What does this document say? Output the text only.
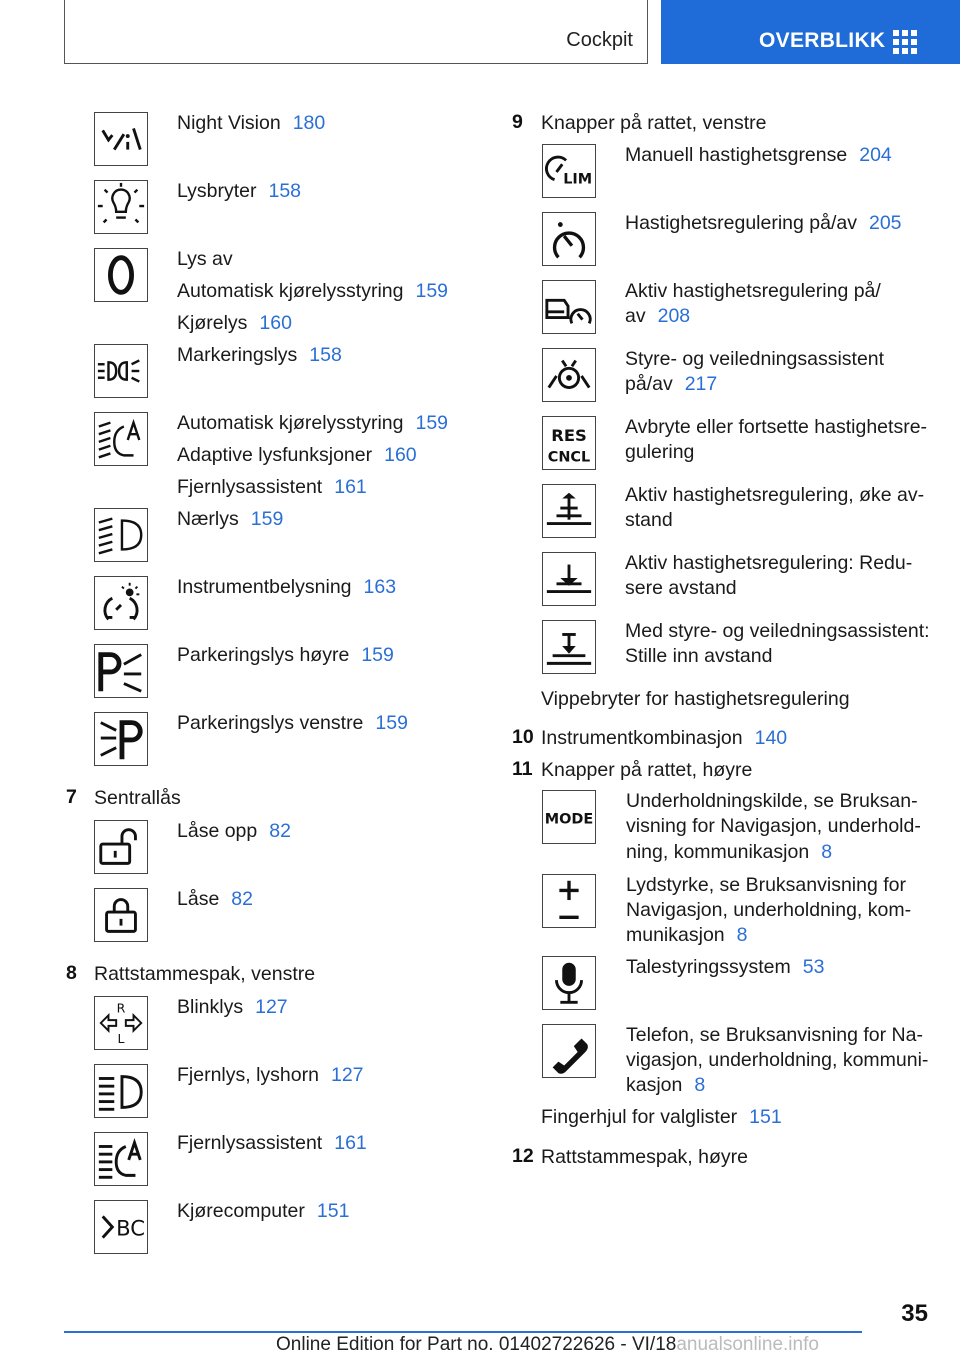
Cockpit	OVERBLIKK
Night Vision 180
Lysbryter 158
Lys av
Automatisk kjørelysstyring 159
Kjørelys 160
Markeringslys 158
Automatisk kjørelysstyring 159
Adaptive lysfunksjoner 160
Fjernlysassistent 161
Nærlys 159
Instrumentbelysning 163
Parkeringslys høyre 159
Parkeringslys venstre 159
7 Sentrallås
Låse opp 82
Låse 82
8 Rattstammespak, venstre
R
L
Blinklys 127
Fjernlys, lyshorn 127
Fjernlysassistent 161
BC
Kjørecomputer 151
9 Knapper på rattet, venstre
LIM
Manuell hastighetsgrense 204
Hastighetsregulering på/av 205
Aktiv hastighetsregulering på/
av 208
Styre- og veiledningsassistent
på/av 217
RES
CNCL
Avbryte eller fortsette hastighetsre-
gulering
Aktiv hastighetsregulering, øke av-
stand
Aktiv hastighetsregulering: Redu-
sere avstand
Med styre- og veiledningsassistent:
Stille inn avstand
Vippebryter for hastighetsregulering
10 Instrumentkombinasjon 140
11 Knapper på rattet, høyre
MODE
Underholdningskilde, se Bruksan-
visning for Navigasjon, underhold-
ning, kommunikasjon 8
Lydstyrke, se Bruksanvisning for
Navigasjon, underholdning, kom-
munikasjon 8
Talestyringssystem 53
Telefon, se Bruksanvisning for Na-
vigasjon, underholdning, kommuni-
kasjon 8
Fingerhjul for valglister 151
12 Rattstammespak, høyre
35
Online Edition for Part no. 01402722626 - VI/18anualsonline.info
